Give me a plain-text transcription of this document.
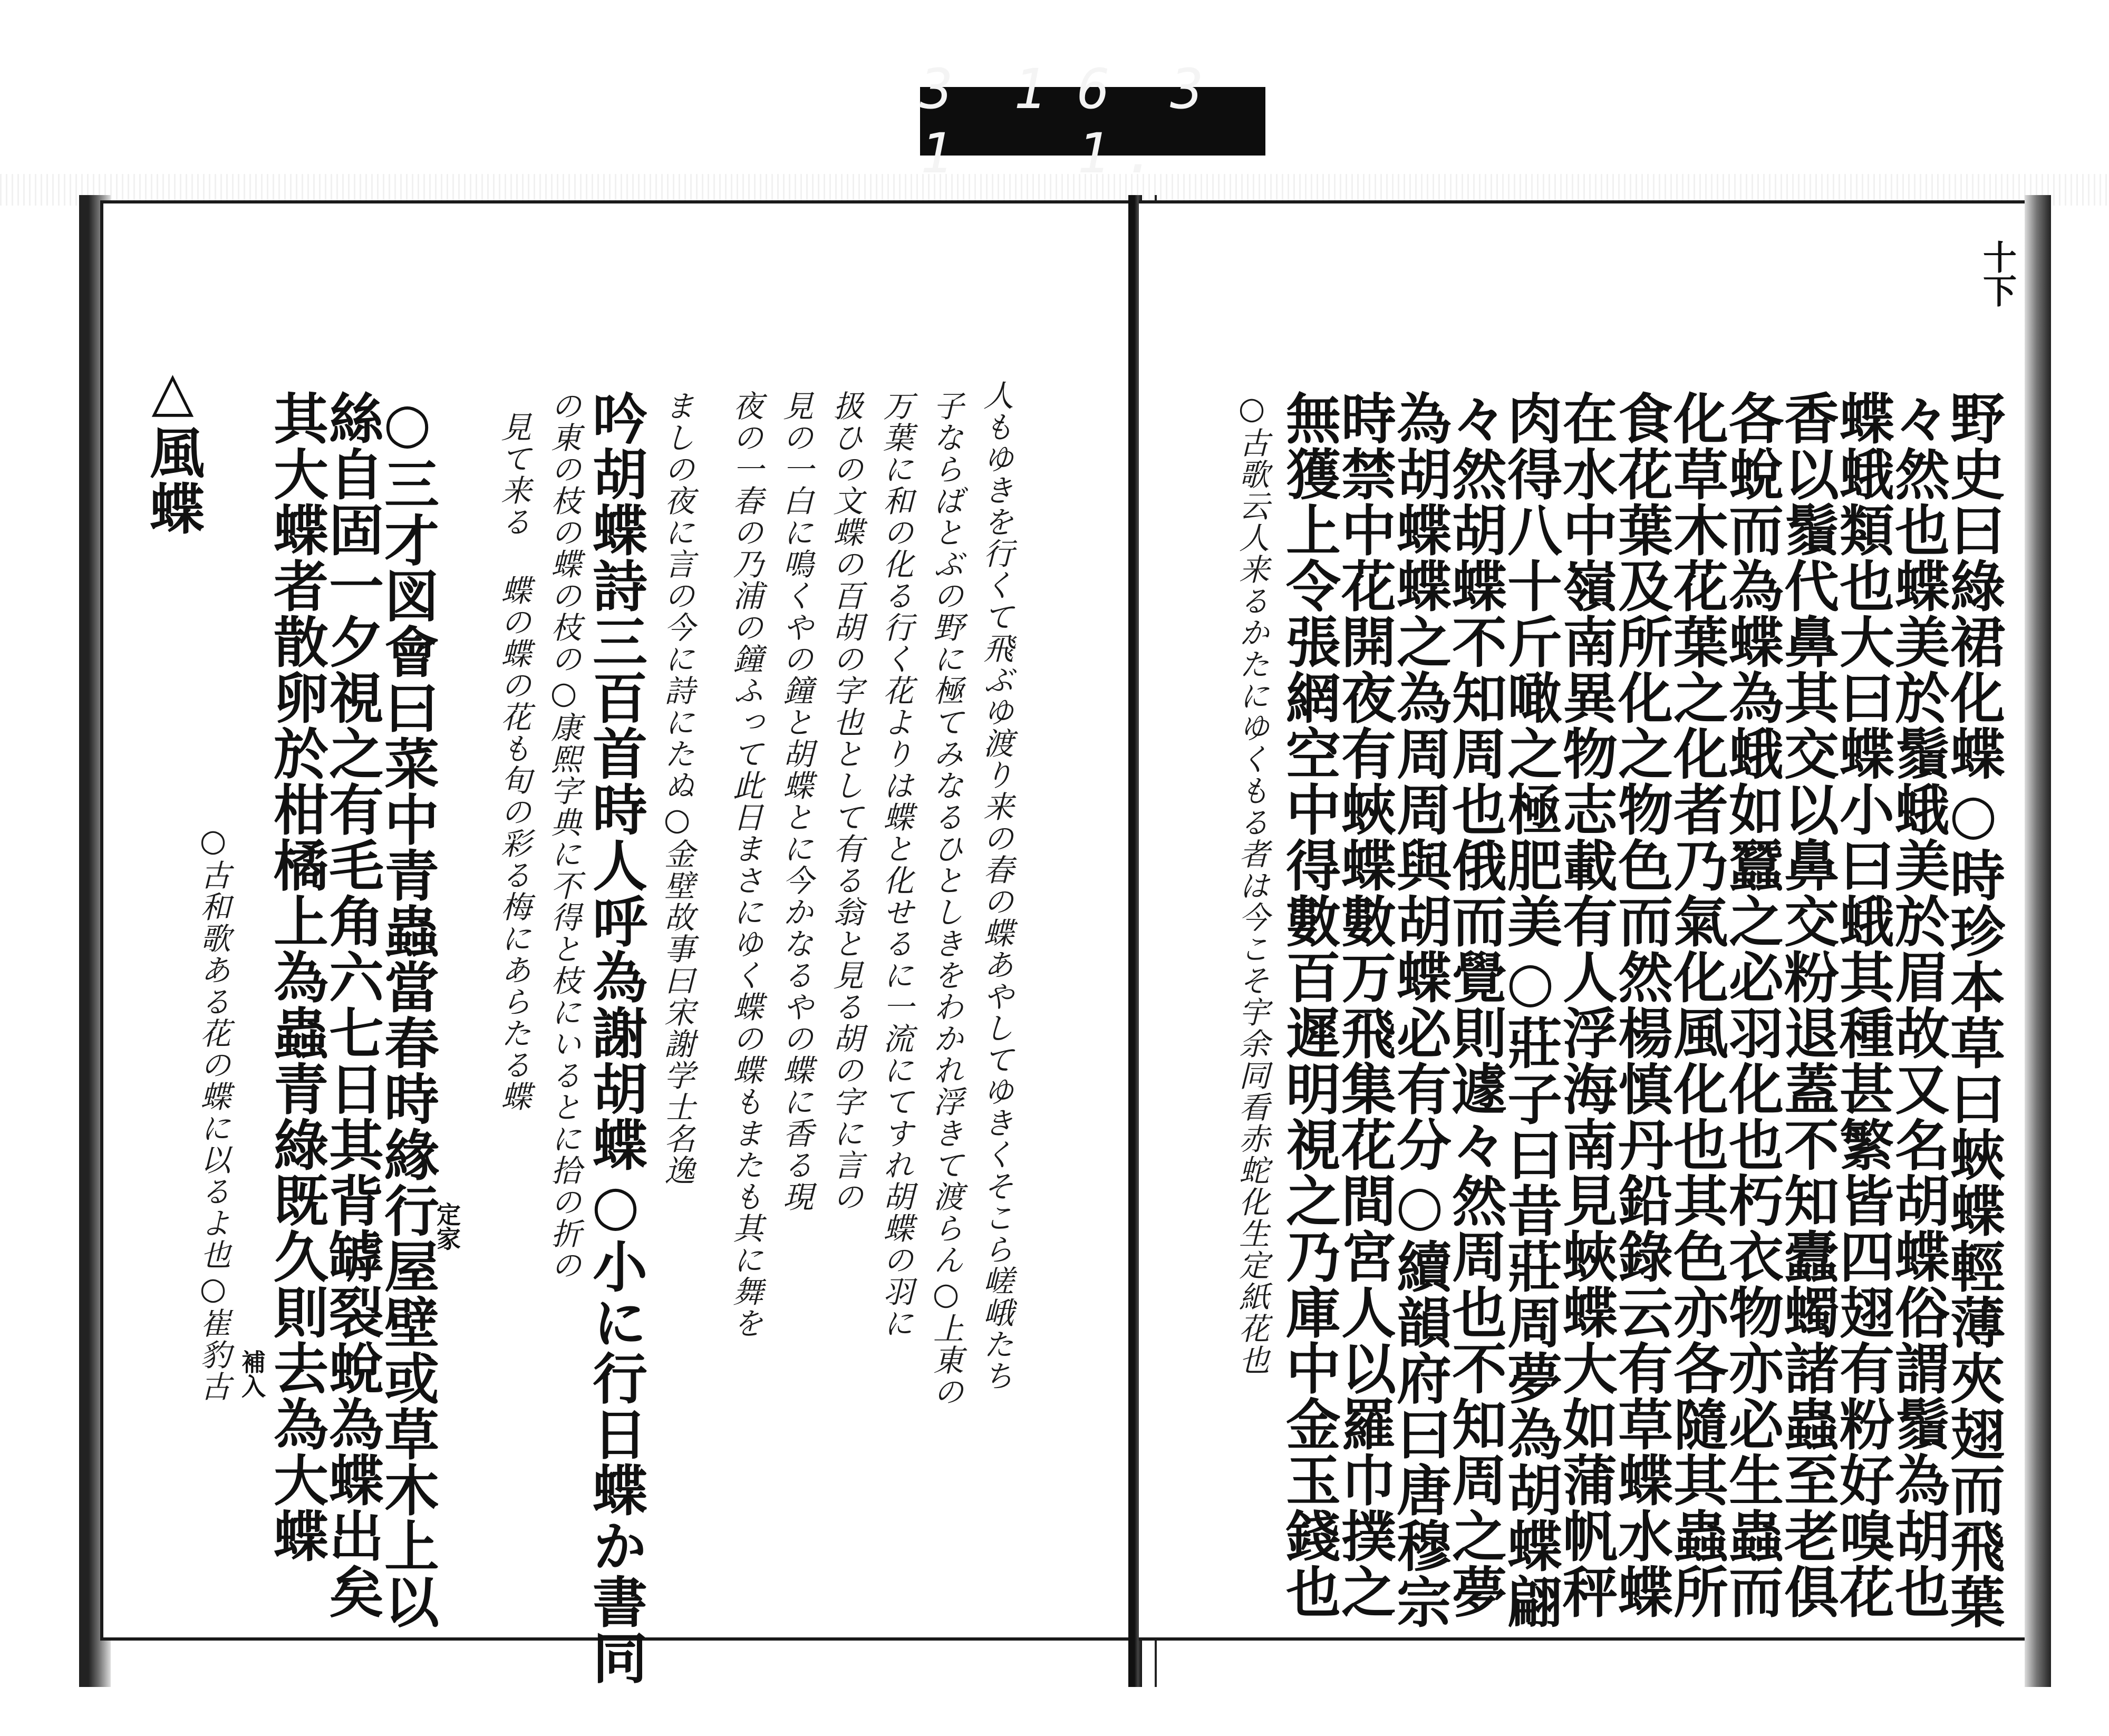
3 1 1
6 3 1.
十下
野史曰綠裙化蝶○時珍本草曰蛺蝶輕薄夾翅而飛葉
々然也蝶美於鬚蛾美於眉故又名胡蝶俗謂鬚為胡也
蝶蛾類也大曰蝶小曰蛾其種甚繁皆四翅有粉好嗅花
香以鬚代鼻其交以鼻交粉退蓋不知蠹蠋諸蟲至老俱
各蛻而為蝶為蛾如蠶之必羽化也朽衣物亦必生蟲而
化草木花葉之化者乃氣化風化也其色亦各隨其蟲所
食花葉及所化之物色而然楊慎丹鉛錄云有草蝶水蝶
在水中嶺南異物志載有人浮海南見蛺蝶大如蒲帆秤
肉得八十斤噉之極肥美○莊子曰昔莊周夢為胡蝶翩
々然胡蝶不知周也俄而覺則遽々然周也不知周之夢
為胡蝶蝶之為周周與胡蝶必有分○續韻府曰唐穆宗
時禁中花開夜有蛺蝶數万飛集花間宮人以羅巾撲之
無獲上令張網空中得數百遲明視之乃庫中金玉錢也
○古歌云人来るかたにゆくもる者は今こそ宇余同看赤蛇化生定紙花也
人もゆきを行くて飛ぶゆ渡り来の春の蝶あやしてゆきくそこら嵯峨たち
子ならばとぶの野に極てみなるひとしきをわかれ浮きて渡らん○上東の
万葉に和の化る行く花よりは蝶と化せるに一流にてすれ胡蝶の羽に
扱ひの文蝶の百胡の字也として有る翁と見る胡の字に言の
見の一白に鳴くやの鐘と胡蝶とに今かなるやの蝶に香る現
夜の一春の乃浦の鐘ふって此日まさにゆく蝶の蝶もまたも其に舞を
ましの夜に言の今に詩にたぬ○金壁故事曰宋謝学士名逸
吟胡蝶詩三百首時人呼為謝胡蝶○小に行日蝶か書同
の東の枝の蝶の枝の○康熙字典に不得と枝にいるとに拾の折の
見て来る 蝶の蝶の花も旬の彩る梅にあらたる蝶
定家
○三才図會曰菜中青蟲當春時緣行屋壁或草木上以
絲自固一夕視之有毛角六七日其背罅裂蛻為蝶出矣
其大蝶者散卵於柑橘上為蟲青綠既久則去為大蝶
補入
○古和歌ある花の蝶に以るよ也○崔豹古
△風蝶
